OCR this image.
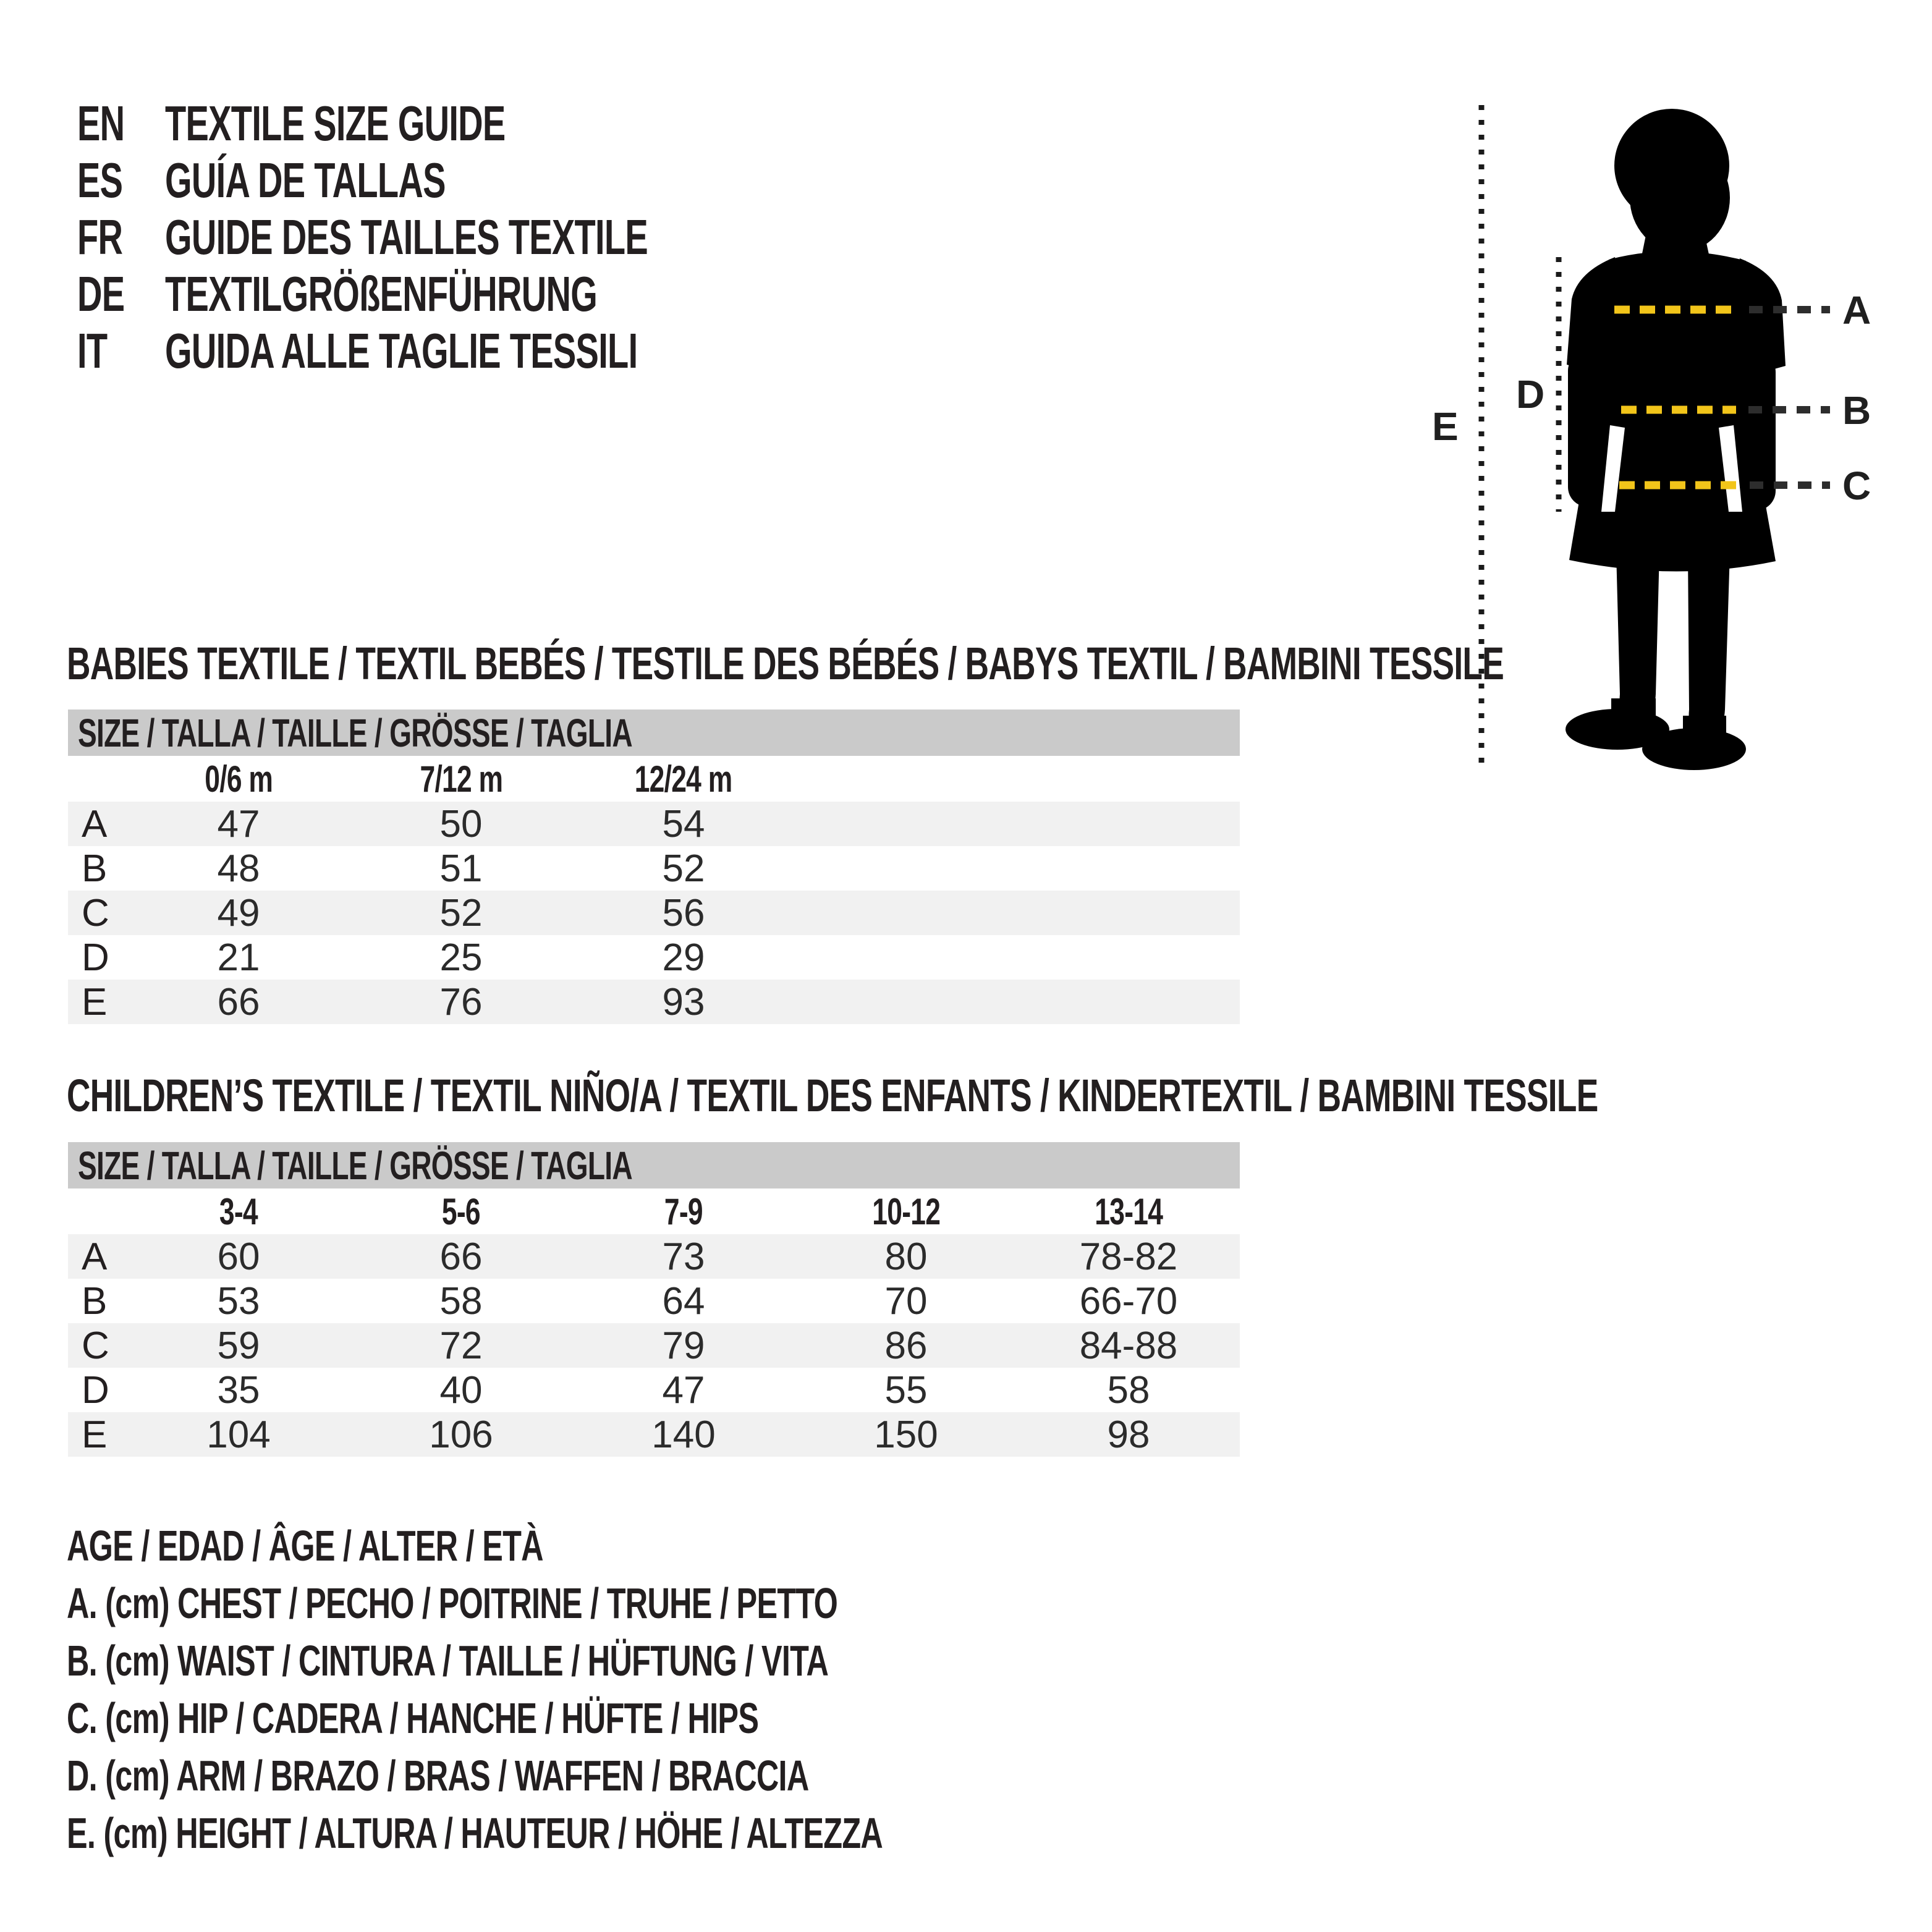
EN TEXTILE SIZE GUIDE
ES GUÍA DE TALLAS
FR GUIDE DES TAILLES TEXTILE
DE TEXTILGRÖßENFÜHRUNG
IT	GUIDA ALLE TAGLIE TESSILI
A
B
C
D
E
BABIES TEXTILE / TEXTIL BEBÉS / TESTILE DES BÉBÉS / BABYS TEXTIL / BAMBINI TESSILE
SIZE / TALLA / TAILLE / GRÖSSE / TAGLIA
0/6 m	7/12 m	12/24 m
A	47	50	54
B	48	51	52
C	49	52	56
D	21	25	29
E	66	76	93
CHILDREN’S TEXTILE / TEXTIL NIÑO/A / TEXTIL DES ENFANTS / KINDERTEXTIL / BAMBINI TESSILE
SIZE / TALLA / TAILLE / GRÖSSE / TAGLIA
3-4	5-6	7-9	10-12	13-14
A	60	66	73	80	78-82
B	53	58	64	70	66-70
C	59	72	79	86	84-88
D	35	40	47	55	58
E	104	106	140	150	98

AGE / EDAD / ÂGE / ALTER / ETÀ

A. (cm) CHEST / PECHO / POITRINE / TRUHE / PETTO

B. (cm) WAIST / CINTURA / TAILLE / HÜFTUNG / VITA

C. (cm) HIP / CADERA / HANCHE / HÜFTE / HIPS

D. (cm) ARM / BRAZO / BRAS / WAFFEN / BRACCIA

E. (cm) HEIGHT / ALTURA / HAUTEUR / HÖHE / ALTEZZA
